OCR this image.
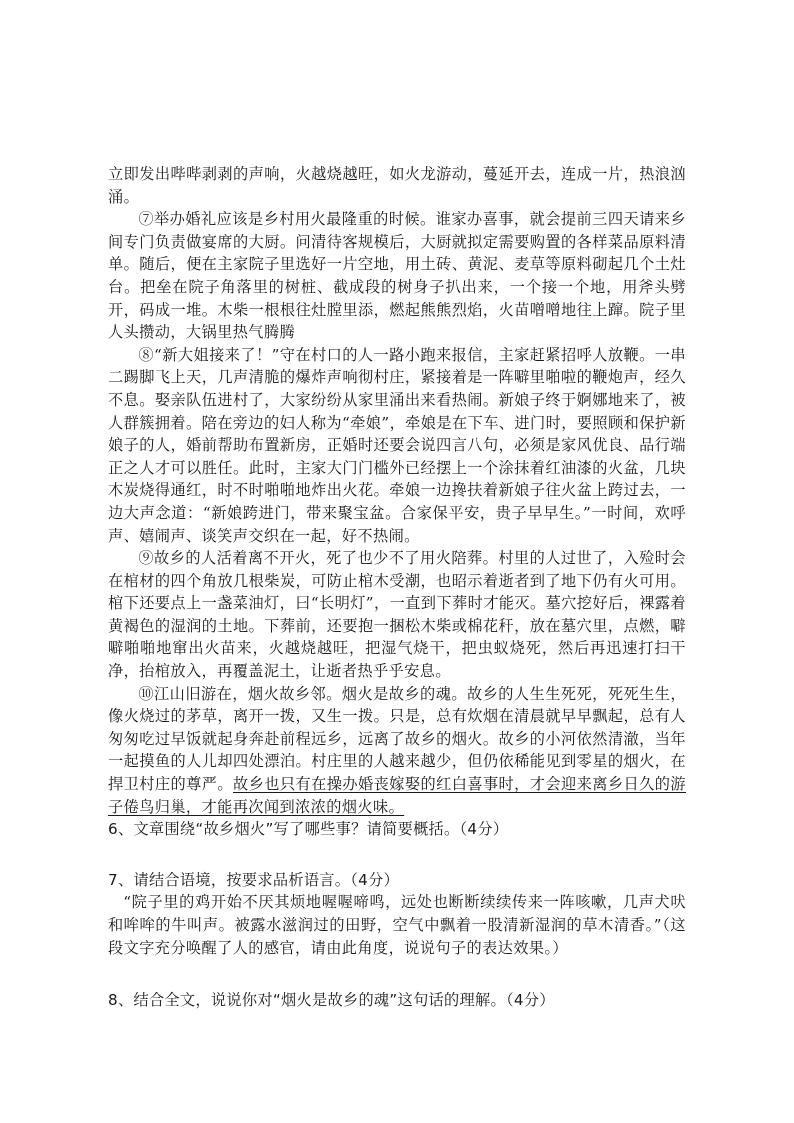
立即发出哔哔剥剥的声响，火越烧越旺，如火龙游动，蔓延开去，连成一片，热浪汹涌。

⑦举办婚礼应该是乡村用火最隆重的时候。谁家办喜事，就会提前三四天请来乡间专门负责做宴席的大厨。问清待客规模后，大厨就拟定需要购置的各样菜品原料清单。随后，便在主家院子里选好一片空地，用土砖、黄泥、麦草等原料砌起几个土灶台。把垒在院子角落里的树桩、截成段的树身子扒出来，一个接一个地，用斧头劈开，码成一堆。木柴一根根往灶膛里添，燃起熊熊烈焰，火苗噌噌地往上蹿。院子里人头攒动，大锅里热气腾腾

⑧“新大姐接来了！”守在村口的人一路小跑来报信，主家赶紧招呼人放鞭。一串二踢脚飞上天，几声清脆的爆炸声响彻村庄，紧接着是一阵噼里啪啦的鞭炮声，经久不息。娶亲队伍进村了，大家纷纷从家里涌出来看热闹。新娘子终于婀娜地来了，被人群簇拥着。陪在旁边的妇人称为“牵娘”，牵娘是在下车、进门时，要照顾和保护新娘子的人，婚前帮助布置新房，正婚时还要会说四言八句，必须是家风优良、品行端正之人才可以胜任。此时，主家大门门槛外已经摆上一个涂抹着红油漆的火盆，几块木炭烧得通红，时不时啪啪地炸出火花。牵娘一边搀扶着新娘子往火盆上跨过去，一边大声念道：“新娘跨进门，带来聚宝盆。合家保平安，贵子早早生。”一时间，欢呼声、嬉闹声、谈笑声交织在一起，好不热闹。

⑨故乡的人活着离不开火，死了也少不了用火陪葬。村里的人过世了，入殓时会在棺材的四个角放几根柴炭，可防止棺木受潮，也昭示着逝者到了地下仍有火可用。棺下还要点上一盏菜油灯，曰“长明灯”，一直到下葬时才能灭。墓穴挖好后，裸露着黄褐色的湿润的土地。下葬前，还要抱一捆松木柴或棉花秆，放在墓穴里，点燃，噼噼啪啪地窜出火苗来，火越烧越旺，把湿气烧干，把虫蚁烧死，然后再迅速打扫干净，抬棺放入，再覆盖泥土，让逝者热乎乎安息。

⑩江山旧游在，烟火故乡邻。烟火是故乡的魂。故乡的人生生死死，死死生生，像火烧过的茅草，离开一拨，又生一拨。只是，总有炊烟在清晨就早早飘起，总有人匆匆吃过早饭就起身奔赴前程远乡，远离了故乡的烟火。故乡的小河依然清澈，当年一起摸鱼的人儿却四处漂泊。村庄里的人越来越少，但仍依稀能见到零星的烟火，在捍卫村庄的尊严。故乡也只有在操办婚丧嫁娶的红白喜事时，才会迎来离乡日久的游子倦鸟归巢，才能再次闻到浓浓的烟火味。

6、文章围绕“故乡烟火”写了哪些事？请简要概括。（4分）

7、请结合语境，按要求品析语言。（4分）

“院子里的鸡开始不厌其烦地喔喔啼鸣，远处也断断续续传来一阵咳嗽，几声犬吠和哞哞的牛叫声。被露水滋润过的田野，空气中飘着一股清新湿润的草木清香。”（这段文字充分唤醒了人的感官，请由此角度，说说句子的表达效果。）

8、结合全文，说说你对“烟火是故乡的魂”这句话的理解。（4分）
